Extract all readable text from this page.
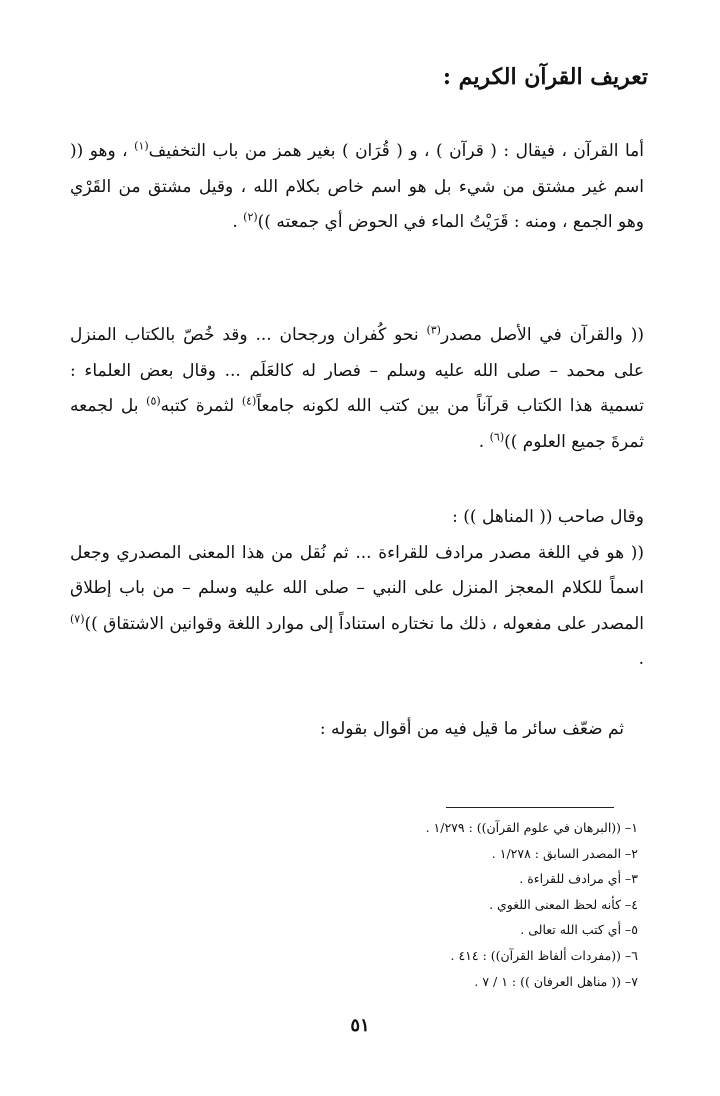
تعريف القرآن الكريم :
أما القرآن ، فيقال : ( قرآن ) ، و ( قُرَان ) بغير همز من باب التخفيف$^{(١)}$ ، وهو (( اسم غير مشتق من شيء بل هو اسم خاص بكلام الله ، وقيل مشتق من القَرْي وهو الجمع ، ومنه : قَرَيْتُ الماء في الحوض أي جمعته ))$^{(٢)}$ .
(( والقرآن في الأصل مصدر$^{(٣)}$ نحو كُفران ورجحان ... وقد خُصّ بالكتاب المنزل على محمد – صلى الله عليه وسلم – فصار له كالعَلَم ... وقال بعض العلماء : تسمية هذا الكتاب قرآناً من بين كتب الله لكونه جامعاً$^{(٤)}$ لثمرة كتبه$^{(٥)}$ بل لجمعه ثمرةَ جميع العلوم ))$^{(٦)}$ .
وقال صاحب (( المناهل )) :
(( هو في اللغة مصدر مرادف للقراءة ... ثم نُقل من هذا المعنى المصدري وجعل اسماً للكلام المعجز المنزل على النبي – صلى الله عليه وسلم – من باب إطلاق المصدر على مفعوله ، ذلك ما نختاره استناداً إلى موارد اللغة وقوانين الاشتقاق ))$^{(٧)}$ .
ثم ضعّف سائر ما قيل فيه من أقوال بقوله :
١– ((البرهان في علوم القرآن)) : ١/٢٧٩ .
٢– المصدر السابق : ١/٢٧٨ .
٣– أي مرادف للقراءة .
٤– كأنه لحظ المعنى اللغوي .
٥– أي كتب الله تعالى .
٦– ((مفردات ألفاظ القرآن)) : ٤١٤ .
٧– (( مناهل العرفان )) : ١ / ٧ .
٥١
